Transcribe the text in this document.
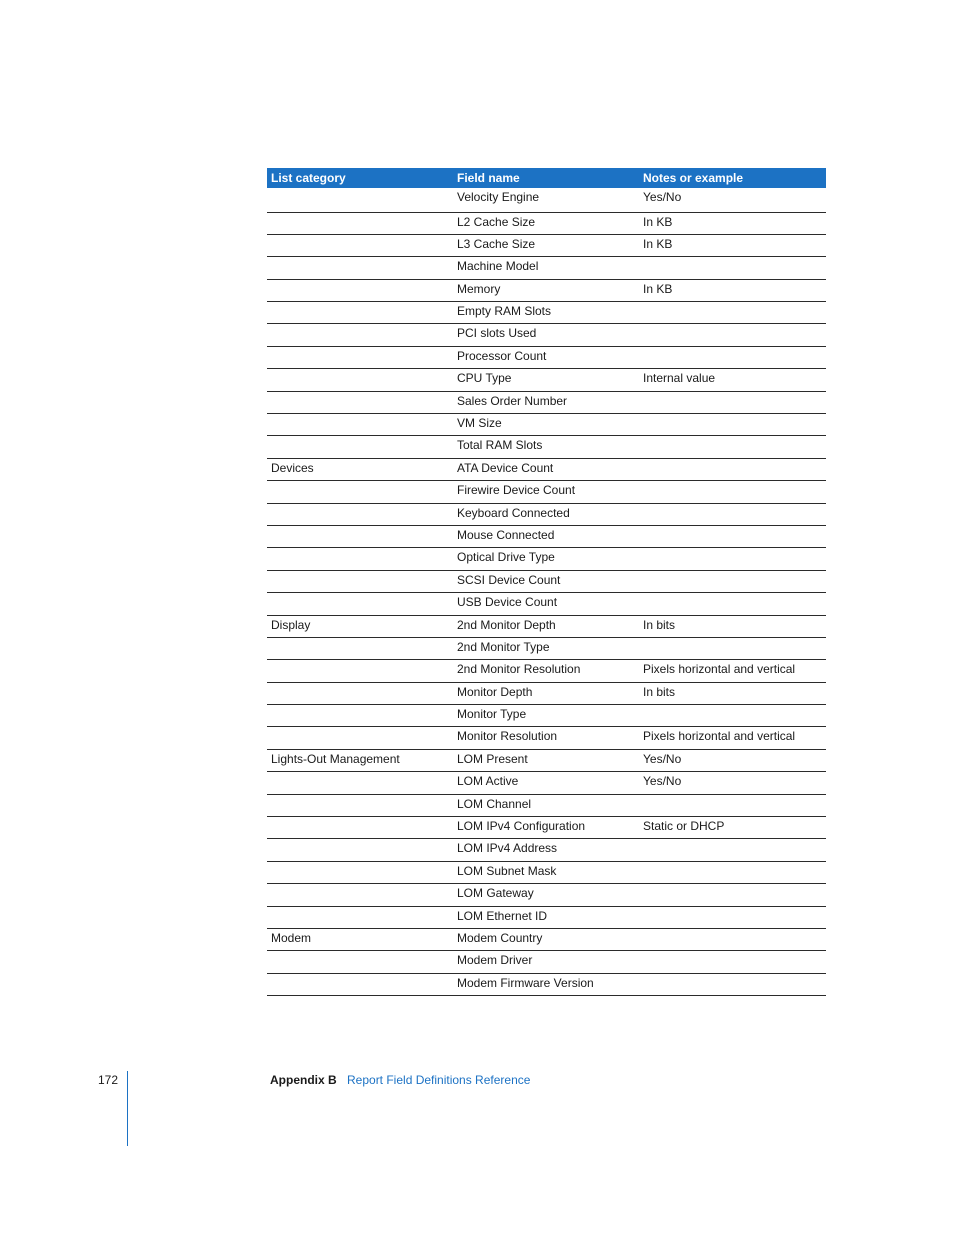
List category	Field name	Notes or example
	Velocity Engine	Yes/No
	L2 Cache Size	In KB
	L3 Cache Size	In KB
	Machine Model	
	Memory	In KB
	Empty RAM Slots	
	PCI slots Used	
	Processor Count	
	CPU Type	Internal value
	Sales Order Number	
	VM Size	
	Total RAM Slots	
Devices	ATA Device Count	
	Firewire Device Count	
	Keyboard Connected	
	Mouse Connected	
	Optical Drive Type	
	SCSI Device Count	
	USB Device Count	
Display	2nd Monitor Depth	In bits
	2nd Monitor Type	
	2nd Monitor Resolution	Pixels horizontal and vertical
	Monitor Depth	In bits
	Monitor Type	
	Monitor Resolution	Pixels horizontal and vertical
Lights-Out Management	LOM Present	Yes/No
	LOM Active	Yes/No
	LOM Channel	
	LOM IPv4 Configuration	Static or DHCP
	LOM IPv4 Address	
	LOM Subnet Mask	
	LOM Gateway	
	LOM Ethernet ID	
Modem	Modem Country	
	Modem Driver	
	Modem Firmware Version	
172	Appendix B Report Field Definitions Reference
